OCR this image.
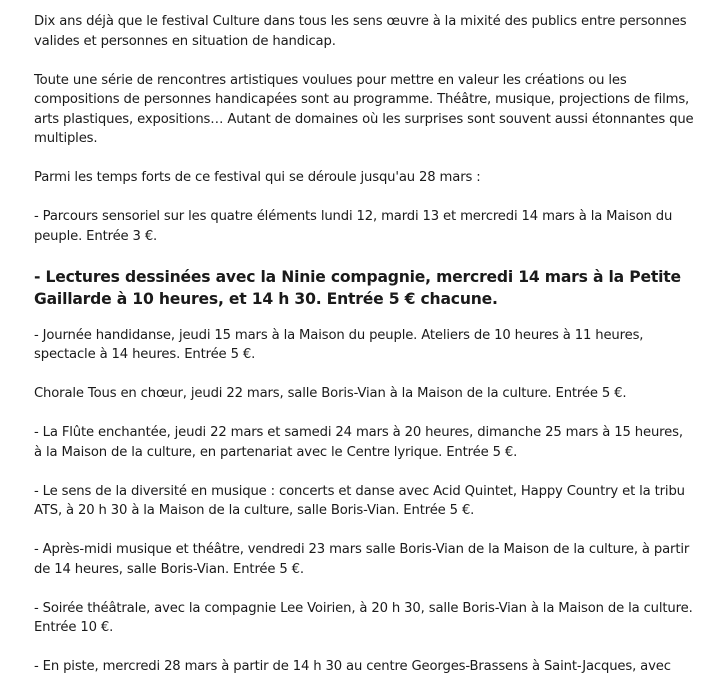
Dix ans déjà que le festival Culture dans tous les sens œuvre à la mixité des publics entre personnes valides et personnes en situation de handicap.

Toute une série de rencontres artistiques voulues pour mettre en valeur les créations ou les compositions de personnes handicapées sont au programme. Théâtre, musique, projections de films, arts plastiques, expositions… Autant de domaines où les surprises sont souvent aussi étonnantes que multiples.

Parmi les temps forts de ce festival qui se déroule jusqu'au 28 mars :

- Parcours sensoriel sur les quatre éléments lundi 12, mardi 13 et mercredi 14 mars à la Maison du peuple. Entrée 3 €.

- Lectures dessinées avec la Ninie compagnie, mercredi 14 mars à la Petite Gaillarde à 10 heures, et 14 h 30. Entrée 5 € chacune.

- Journée handidanse, jeudi 15 mars à la Maison du peuple. Ateliers de 10 heures à 11 heures, spectacle à 14 heures. Entrée 5 €.

Chorale Tous en chœur, jeudi 22 mars, salle Boris-Vian à la Maison de la culture. Entrée 5 €.

- La Flûte enchantée, jeudi 22 mars et samedi 24 mars à 20 heures, dimanche 25 mars à 15 heures, à la Maison de la culture, en partenariat avec le Centre lyrique. Entrée 5 €.

- Le sens de la diversité en musique : concerts et danse avec Acid Quintet, Happy Country et la tribu ATS, à 20 h 30 à la Maison de la culture, salle Boris-Vian. Entrée 5 €.

- Après-midi musique et théâtre, vendredi 23 mars salle Boris-Vian de la Maison de la culture, à partir de 14 heures, salle Boris-Vian. Entrée 5 €.

- Soirée théâtrale, avec la compagnie Lee Voirien, à 20 h 30, salle Boris-Vian à la Maison de la culture. Entrée 10 €.

- En piste, mercredi 28 mars à partir de 14 h 30 au centre Georges-Brassens à Saint-Jacques, avec
